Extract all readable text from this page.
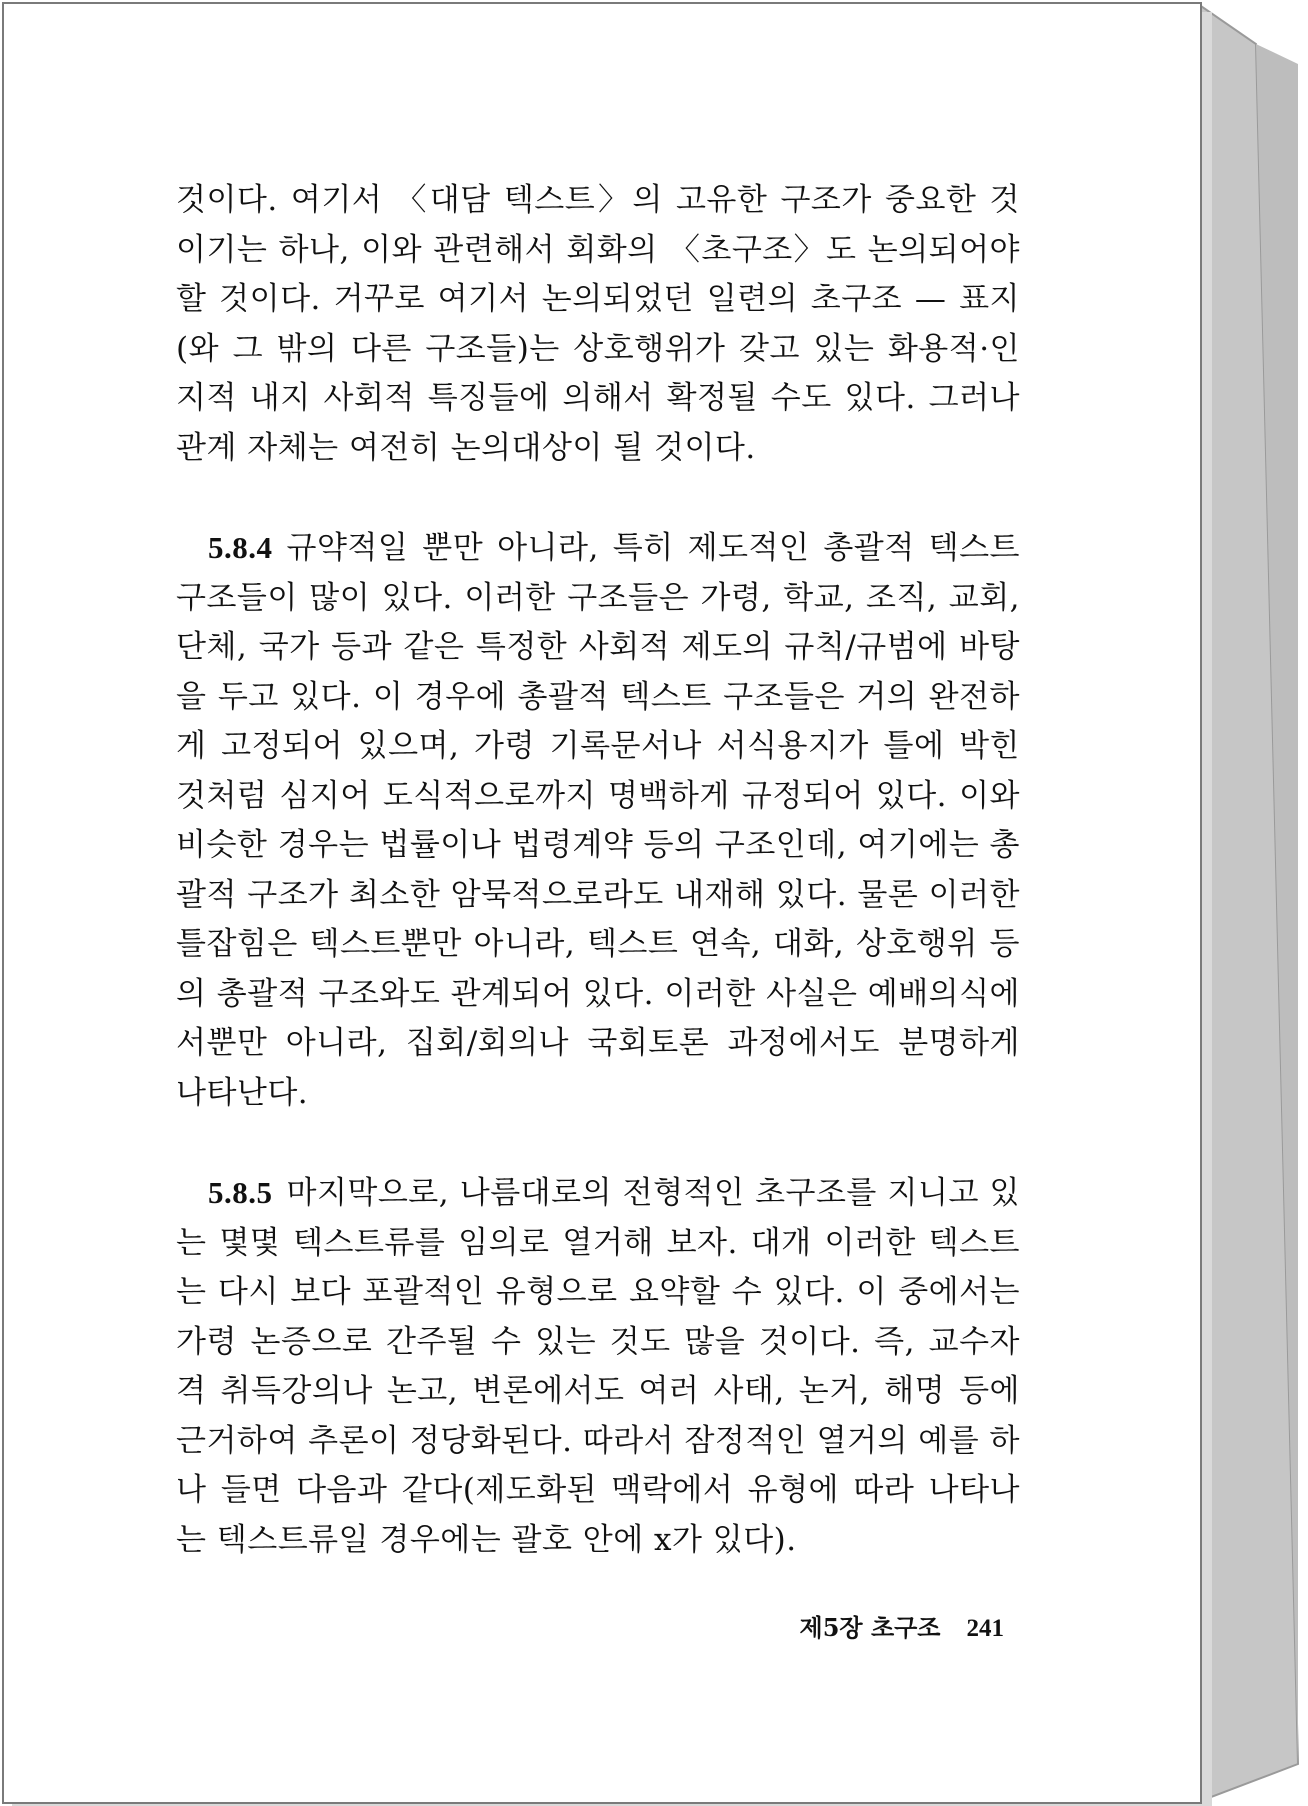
것이다. 여기서 〈대담 텍스트〉의 고유한 구조가 중요한 것이기는 하나, 이와 관련해서 회화의 〈초구조〉도 논의되어야 할 것이다. 거꾸로 여기서 논의되었던 일련의 초구조 — 표지(와 그 밖의 다른 구조들)는 상호행위가 갖고 있는 화용적·인지적 내지 사회적 특징들에 의해서 확정될 수도 있다. 그러나 관계 자체는 여전히 논의대상이 될 것이다.

5.8.4 규약적일 뿐만 아니라, 특히 제도적인 총괄적 텍스트 구조들이 많이 있다. 이러한 구조들은 가령, 학교, 조직, 교회, 단체, 국가 등과 같은 특정한 사회적 제도의 규칙/규범에 바탕을 두고 있다. 이 경우에 총괄적 텍스트 구조들은 거의 완전하게 고정되어 있으며, 가령 기록문서나 서식용지가 틀에 박힌 것처럼 심지어 도식적으로까지 명백하게 규정되어 있다. 이와 비슷한 경우는 법률이나 법령계약 등의 구조인데, 여기에는 총괄적 구조가 최소한 암묵적으로라도 내재해 있다. 물론 이러한 틀잡힘은 텍스트뿐만 아니라, 텍스트 연속, 대화, 상호행위 등의 총괄적 구조와도 관계되어 있다. 이러한 사실은 예배의식에서뿐만 아니라, 집회/회의나 국회토론 과정에서도 분명하게 나타난다.

5.8.5 마지막으로, 나름대로의 전형적인 초구조를 지니고 있는 몇몇 텍스트류를 임의로 열거해 보자. 대개 이러한 텍스트는 다시 보다 포괄적인 유형으로 요약할 수 있다. 이 중에서는 가령 논증으로 간주될 수 있는 것도 많을 것이다. 즉, 교수자격 취득강의나 논고, 변론에서도 여러 사태, 논거, 해명 등에 근거하여 추론이 정당화된다. 따라서 잠정적인 열거의 예를 하나 들면 다음과 같다(제도화된 맥락에서 유형에 따라 나타나는 텍스트류일 경우에는 괄호 안에 x가 있다).

제5장 초구조 241
